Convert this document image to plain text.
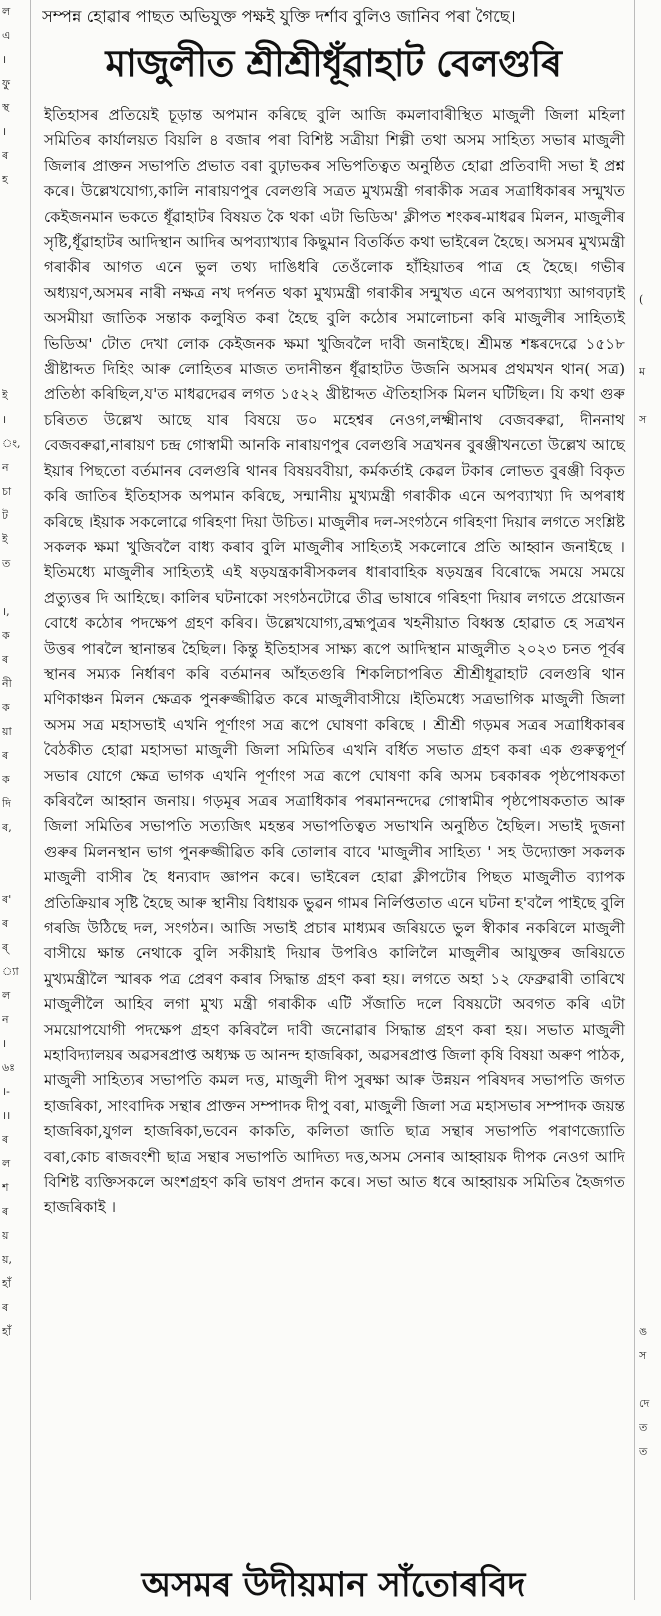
ল
এ
।
ফু
স্থ
।
ৰ
হ
ই
।
ং,
ন
চা
ট
ই
ত
।,
ক
ৰ
নী
ক
য়া
ৰ
ক
দি
ৰ,
ৰ'
ৰ
ৰ্
্যা
ল
ন
।
৬ঃ
।-
।।
ৰ
ল
শ
ৰ
য়
য়,
হাঁ
ৰ
হাঁ
সম্পন্ন হোৱাৰ পাছত অভিযুক্ত পক্ষই যুক্তি দৰ্শাব বুলিও জানিব পৰা গৈছে।
মাজুলীত শ্ৰীশ্ৰীধূঁৱাহাট বেলগুৰি
ইতিহাসৰ প্ৰতিয়েই চূড়ান্ত অপমান কৰিছে বুলি আজি কমলাবাৰীস্থিত মাজুলী জিলা মহিলা সমিতিৰ কাৰ্যালয়ত বিয়লি ৪ বজাৰ পৰা বিশিষ্ট সত্ৰীয়া শিল্পী তথা অসম সাহিত্য সভাৰ মাজুলী জিলাৰ প্ৰাক্তন সভাপতি প্ৰভাত বৰা বুঢ়াভকৰ সভিপতিত্বত অনুষ্ঠিত হোৱা প্ৰতিবাদী সভা ই প্ৰশ্ন কৰে। উল্লেখযোগ্য,কালি নাৰায়ণপুৰ বেলগুৰি সত্ৰত মুখ্যমন্ত্ৰী গৰাকীক সত্ৰৰ সত্ৰাধিকাৰৰ সন্মুখত কেইজনমান ভকতে ধূঁৱাহাটৰ বিষয়ত কৈ থকা এটা ভিডিঅ' ক্লীপত শংকৰ-মাধৱৰ মিলন, মাজুলীৰ সৃষ্টি,ধূঁৱাহাটৰ আদিস্থান আদিৰ অপব্যাখ্যাৰ কিছুমান বিতৰ্কিত কথা ভাইৰেল হৈছে। অসমৰ মুখ্যমন্ত্ৰী গৰাকীৰ আগত এনে ভুল তথ্য দাঙিধৰি তেওঁলোক হাঁহিয়াতৰ পাত্ৰ হে হৈছে। গভীৰ অধ্যয়ণ,অসমৰ নাৰী নক্ষত্ৰ নখ দৰ্পনত থকা মুখ্যমন্ত্ৰী গৰাকীৰ সন্মুখত এনে অপব্যাখ্যা আগবঢ়াই অসমীয়া জাতিক সন্তাক কলুষিত কৰা হৈছে বুলি কঠোৰ সমালোচনা কৰি মাজুলীৰ সাহিত্যই ভিডিঅ' টোত দেখা লোক কেইজনক ক্ষমা খুজিবলৈ দাবী জনাইছে। শ্ৰীমন্ত শঙ্কৰদেৱে ১৫১৮ খ্ৰীষ্টাব্দত দিহিং আৰু লোহিতৰ মাজত তদানীন্তন ধূঁৱাহাটত উজনি অসমৰ প্ৰথমখন থান( সত্ৰ) প্ৰতিষ্ঠা কৰিছিল,য'ত মাধৱদেৱৰ লগত ১৫২২ খ্ৰীষ্টাব্দত ঐতিহাসিক মিলন ঘটিছিল। যি কথা গুৰু চৰিতত উল্লেখ আছে যাৰ বিষয়ে ড০ মহেশ্বৰ নেওগ,লক্ষ্মীনাথ বেজবৰুৱা, দীননাথ বেজবৰুৱা,নাৰায়ণ চন্দ্ৰ গোস্বামী আনকি নাৰায়ণপুৰ বেলগুৰি সত্ৰখনৰ বুৰঞ্জীখনতো উল্লেখ আছে ইয়াৰ পিছতো বৰ্তমানৰ বেলগুৰি থানৰ বিষয়ববীয়া, কৰ্মকৰ্তাই কেৱল টকাৰ লোভত বুৰঞ্জী বিকৃত কৰি জাতিৰ ইতিহাসক অপমান কৰিছে, সন্মানীয় মুখ্যমন্ত্ৰী গৰাকীক এনে অপব্যাখ্যা দি অপৰাধ কৰিছে ।ইয়াক সকলোৱে গৰিহণা দিয়া উচিত। মাজুলীৰ দল-সংগঠনে গৰিহণা দিয়াৰ লগতে সংশ্লিষ্ট সকলক ক্ষমা খুজিবলৈ বাধ্য কৰাব বুলি মাজুলীৰ সাহিত্যই সকলোৰে প্ৰতি আহ্বান জনাইছে । ইতিমধ্যে মাজুলীৰ সাহিত্যই এই ষড়যন্ত্ৰকাৰীসকলৰ ধাৰাবাহিক ষড়যন্ত্ৰৰ বিৰোদ্ধে সময়ে সময়ে প্ৰত্যুত্তৰ দি আহিছে। কালিৰ ঘটনাকো সংগঠনটোৱে তীব্ৰ ভাষাৰে গৰিহণা দিয়াৰ লগতে প্ৰয়োজন বোধে কঠোৰ পদক্ষেপ গ্ৰহণ কৰিব। উল্লেখযোগ্য,ব্ৰহ্মপুত্ৰৰ খহনীয়াত বিধ্বস্ত হোৱাত হে সত্ৰখন উত্তৰ পাৰলৈ স্থানান্তৰ হৈছিল। কিন্তু ইতিহাসৰ সাক্ষ্য ৰূপে আদিস্থান মাজুলীত ২০২৩ চনত পূৰ্বৰ স্থানৰ সম্যক নিৰ্ধাৰণ কৰি বৰ্তমানৰ আঁহতগুৰি শিকলিচাপৰিত শ্ৰীশ্ৰীধূৱাহাট বেলগুৰি থান মণিকাঞ্চন মিলন ক্ষেত্ৰক পুনৰুজ্জীৱিত কৰে মাজুলীবাসীয়ে ।ইতিমধ্যে সত্ৰভাগিক মাজুলী জিলা অসম সত্ৰ মহাসভাই এখনি পূৰ্ণাংগ সত্ৰ ৰূপে ঘোষণা কৰিছে । শ্ৰীশ্ৰী গড়মৰ সত্ৰৰ সত্ৰাধিকাৰৰ বৈঠকীত হোৱা মহাসভা মাজুলী জিলা সমিতিৰ এখনি বৰ্ধিত সভাত গ্ৰহণ কৰা এক গুৰুত্বপূৰ্ণ সভাৰ যোগে ক্ষেত্ৰ ভাগক এখনি পূৰ্ণাংগ সত্ৰ ৰূপে ঘোষণা কৰি অসম চৰকাৰক পৃষ্ঠপোষকতা কৰিবলৈ আহ্বান জনায়। গড়মূৰ সত্ৰৰ সত্ৰাধিকাৰ পৰমানন্দদেৱ গোস্বামীৰ পৃষ্ঠপোষকতাত আৰু জিলা সমিতিৰ সভাপতি সত্যজিৎ মহন্তৰ সভাপতিত্বত সভাখনি অনুষ্ঠিত হৈছিল। সভাই দুজনা গুৰুৰ মিলনস্থান ভাগ পুনৰুজ্জীৱিত কৰি তোলাৰ বাবে 'মাজুলীৰ সাহিত্য ' সহ উদ্যোক্তা সকলক মাজুলী বাসীৰ হৈ ধন্যবাদ জ্ঞাপন কৰে। ভাইৰেল হোৱা ক্লীপটোৰ পিছত মাজুলীত ব্যাপক প্ৰতিক্ৰিয়াৰ সৃষ্টি হৈছে আৰু স্থানীয় বিধায়ক ভুৱন গামৰ নিৰ্লিপ্ততাত এনে ঘটনা হ'বলৈ পাইছে বুলি গৰজি উঠিছে দল, সংগঠন। আজি সভাই প্ৰচাৰ মাধ্যমৰ জৰিয়তে ভুল স্বীকাৰ নকৰিলে মাজুলী বাসীয়ে ক্ষান্ত নেথাকে বুলি সকীয়াই দিয়াৰ উপৰিও কালিলৈ মাজুলীৰ আয়ুক্তৰ জৰিয়তে মুখ্যমন্ত্ৰীলৈ স্মাৰক পত্ৰ প্ৰেৰণ কৰাৰ সিদ্ধান্ত গ্ৰহণ কৰা হয়। লগতে অহা ১২ ফেব্ৰুৱাৰী তাৰিখে মাজুলীলৈ আহিব লগা মুখ্য মন্ত্ৰী গৰাকীক এটি সঁজাতি দলে বিষয়টো অবগত কৰি এটা সময়োপযোগী পদক্ষেপ গ্ৰহণ কৰিবলৈ দাবী জনোৱাৰ সিদ্ধান্ত গ্ৰহণ কৰা হয়। সভাত মাজুলী মহাবিদ্যালয়ৰ অৱসৰপ্ৰাপ্ত অধ্যক্ষ ড আনন্দ হাজৰিকা, অৱসৰপ্ৰাপ্ত জিলা কৃষি বিষয়া অৰুণ পাঠক, মাজুলী সাহিত্যৰ সভাপতি কমল দত্ত, মাজুলী দীপ সুৰক্ষা আৰু উন্নয়ন পৰিষদৰ সভাপতি জগত হাজৰিকা, সাংবাদিক সন্থাৰ প্ৰাক্তন সম্পাদক দীপু বৰা, মাজুলী জিলা সত্ৰ মহাসভাৰ সম্পাদক জয়ন্ত হাজৰিকা,যুগল হাজৰিকা,ভবেন কাকতি, কলিতা জাতি ছাত্ৰ সন্থাৰ সভাপতি পৰাণজ্যোতি বৰা,কোচ ৰাজবংশী ছাত্ৰ সন্থাৰ সভাপতি আদিত্য দত্ত,অসম সেনাৰ আহ্বায়ক দীপক নেওগ আদি বিশিষ্ট ব্যক্তিসকলে অংশগ্ৰহণ কৰি ভাষণ প্ৰদান কৰে। সভা আত ধৰে আহ্বায়ক সমিতিৰ হৈজগত হাজৰিকাই ।
অসমৰ উদীয়মান সাঁতোৰবিদ
(
ম
স
ঙ
স
দে
ত
ত
